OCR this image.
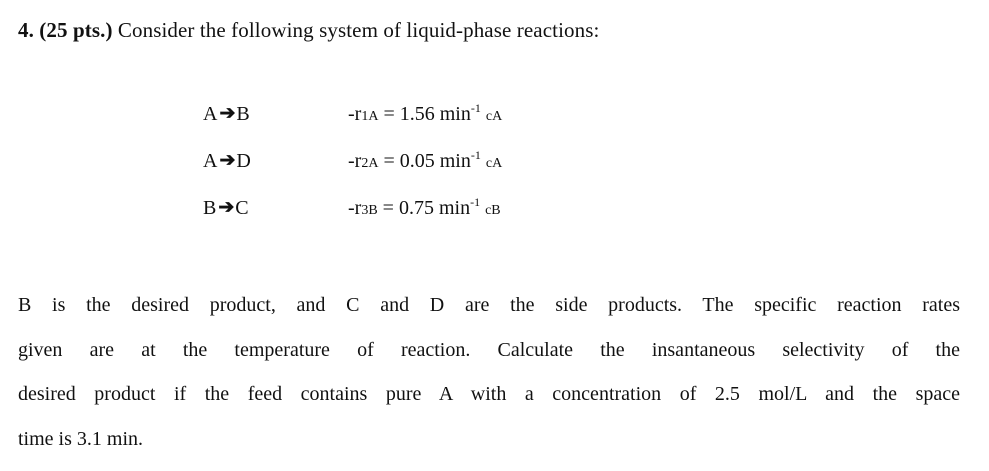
4. (25 pts.) Consider the following system of liquid-phase reactions:
A ➔B	-r1A = 1.56 $\min^{-1}$ cA
A ➔D	-r2A = 0.05 $\min^{-1}$ cA
B ➔C	-r3B = 0.75 $\min^{-1}$ cB
B is the desired product, and C and D are the side products. The specific reaction rates
given are at the temperature of reaction. Calculate the insantaneous selectivity of the
desired product if the feed contains pure A with a concentration of 2.5 mol/L and the space
time is 3.1 min.
